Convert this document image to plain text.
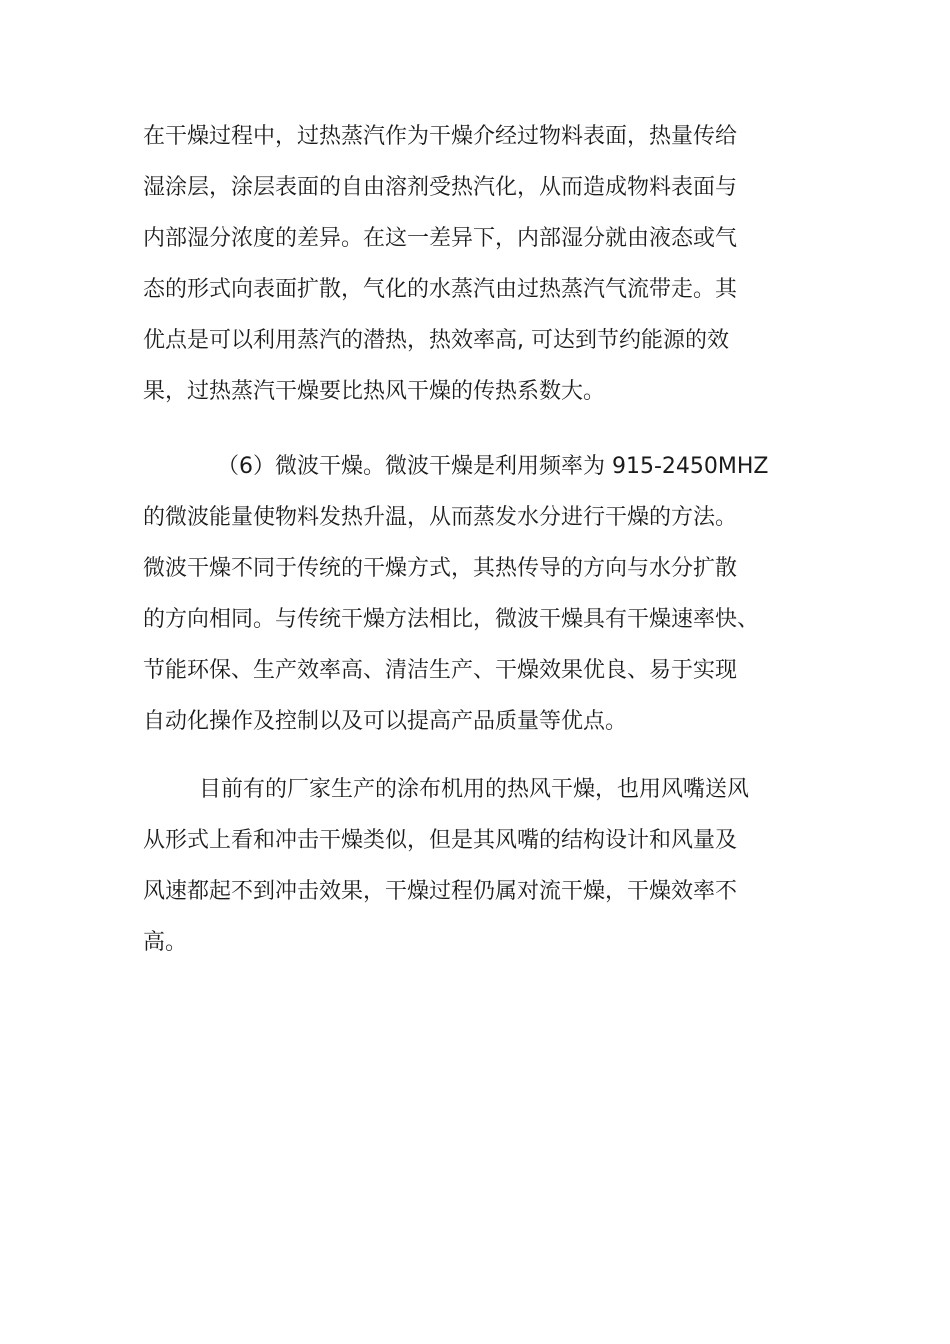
在干燥过程中，过热蒸汽作为干燥介经过物料表面，热量传给
湿涂层，涂层表面的自由溶剂受热汽化，从而造成物料表面与
内部湿分浓度的差异。在这一差异下，内部湿分就由液态或气
态的形式向表面扩散，气化的水蒸汽由过热蒸汽气流带走。其
优点是可以利用蒸汽的潜热，热效率高, 可达到节约能源的效
果，过热蒸汽干燥要比热风干燥的传热系数大。
（6）微波干燥。微波干燥是利用频率为 915-2450MHZ
的微波能量使物料发热升温，从而蒸发水分进行干燥的方法。
微波干燥不同于传统的干燥方式，其热传导的方向与水分扩散
的方向相同。与传统干燥方法相比，微波干燥具有干燥速率快、
节能环保、生产效率高、清洁生产、干燥效果优良、易于实现
自动化操作及控制以及可以提高产品质量等优点。
目前有的厂家生产的涂布机用的热风干燥，也用风嘴送风
从形式上看和冲击干燥类似，但是其风嘴的结构设计和风量及
风速都起不到冲击效果，干燥过程仍属对流干燥，干燥效率不
高。
